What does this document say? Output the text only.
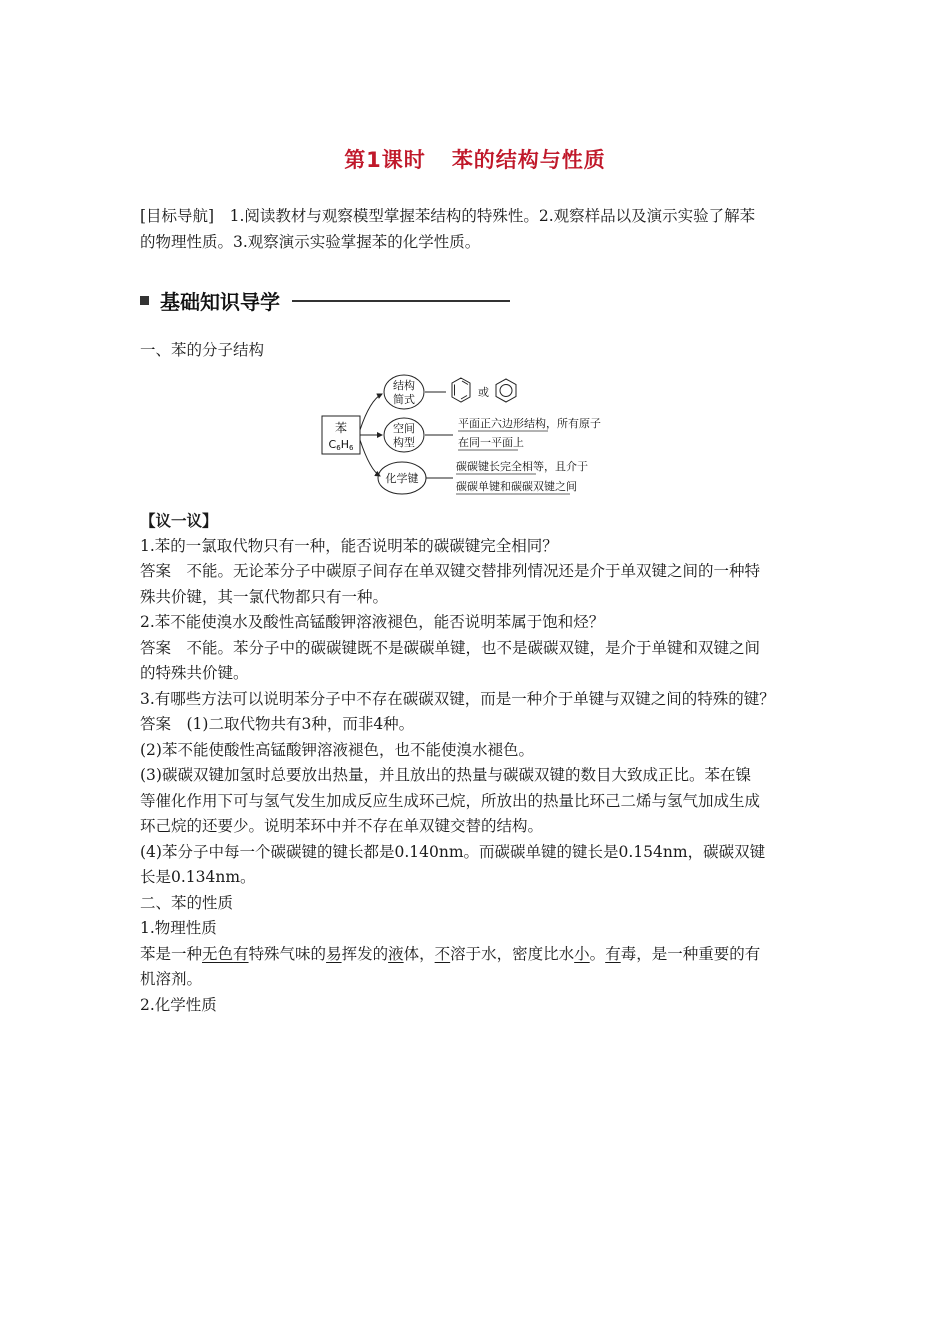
第1课时 苯的结构与性质

[目标导航]　1.阅读教材与观察模型掌握苯结构的特殊性。2.观察样品以及演示实验了解苯
的物理性质。3.观察演示实验掌握苯的化学性质。

基础知识导学

一、苯的分子结构

苯
C6H6
结构
简式
或
空间
构型
平面正六边形结构，所有原子
在同一平面上
化学键
碳碳键长完全相等，且介于
碳碳单键和碳碳双键之间

【议一议】
1.苯的一氯取代物只有一种，能否说明苯的碳碳键完全相同？
答案　不能。无论苯分子中碳原子间存在单双键交替排列情况还是介于单双键之间的一种特
殊共价键，其一氯代物都只有一种。
2.苯不能使溴水及酸性高锰酸钾溶液褪色，能否说明苯属于饱和烃？
答案　不能。苯分子中的碳碳键既不是碳碳单键，也不是碳碳双键，是介于单键和双键之间
的特殊共价键。
3.有哪些方法可以说明苯分子中不存在碳碳双键，而是一种介于单键与双键之间的特殊的键？
答案　(1)二取代物共有3种，而非4种。
(2)苯不能使酸性高锰酸钾溶液褪色，也不能使溴水褪色。
(3)碳碳双键加氢时总要放出热量，并且放出的热量与碳碳双键的数目大致成正比。苯在镍
等催化作用下可与氢气发生加成反应生成环己烷，所放出的热量比环己二烯与氢气加成生成
环己烷的还要少。说明苯环中并不存在单双键交替的结构。
(4)苯分子中每一个碳碳键的键长都是0.140nm。而碳碳单键的键长是0.154nm，碳碳双键
长是0.134nm。
二、苯的性质
1.物理性质
苯是一种无色有特殊气味的易挥发的液体，不溶于水，密度比水小。有毒，是一种重要的有
机溶剂。
2.化学性质
